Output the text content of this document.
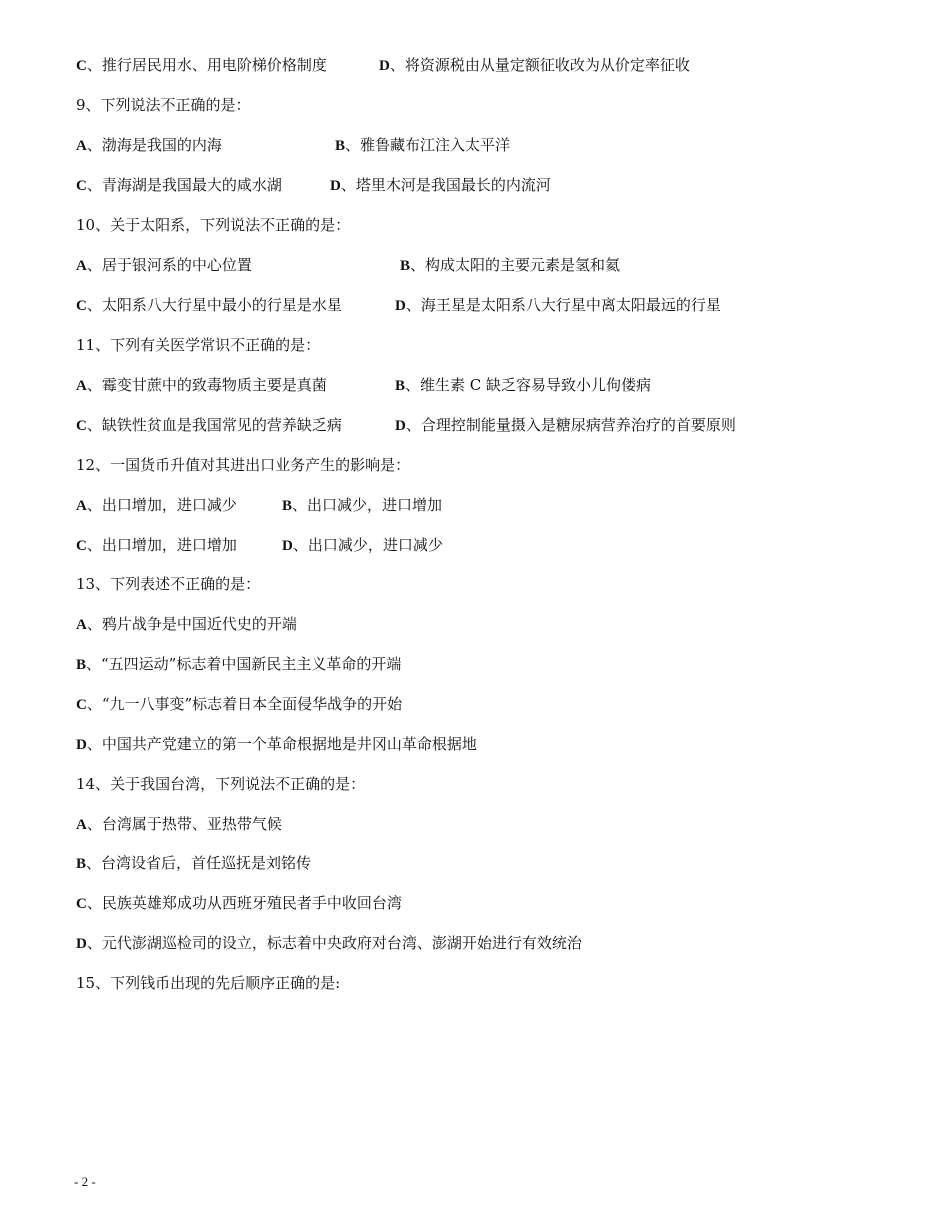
C、推行居民用水、用电阶梯价格制度	D、将资源税由从量定额征收改为从价定率征收
9、下列说法不正确的是：
A、渤海是我国的内海	B、雅鲁藏布江注入太平洋
C、青海湖是我国最大的咸水湖	D、塔里木河是我国最长的内流河
10、关于太阳系，下列说法不正确的是：
A、居于银河系的中心位置	B、构成太阳的主要元素是氢和氦
C、太阳系八大行星中最小的行星是水星	D、海王星是太阳系八大行星中离太阳最远的行星
11、下列有关医学常识不正确的是：
A、霉变甘蔗中的致毒物质主要是真菌	B、维生素 C 缺乏容易导致小儿佝偻病
C、缺铁性贫血是我国常见的营养缺乏病	D、合理控制能量摄入是糖尿病营养治疗的首要原则
12、一国货币升值对其进出口业务产生的影响是：
A、出口增加，进口减少	B、出口减少，进口增加
C、出口增加，进口增加	D、出口减少，进口减少
13、下列表述不正确的是：
A、鸦片战争是中国近代史的开端
B、“五四运动”标志着中国新民主主义革命的开端
C、“九一八事变”标志着日本全面侵华战争的开始
D、中国共产党建立的第一个革命根据地是井冈山革命根据地
14、关于我国台湾，下列说法不正确的是：
A、台湾属于热带、亚热带气候
B、台湾设省后，首任巡抚是刘铭传
C、民族英雄郑成功从西班牙殖民者手中收回台湾
D、元代澎湖巡检司的设立，标志着中央政府对台湾、澎湖开始进行有效统治
15、下列钱币出现的先后顺序正确的是:
- 2 -
